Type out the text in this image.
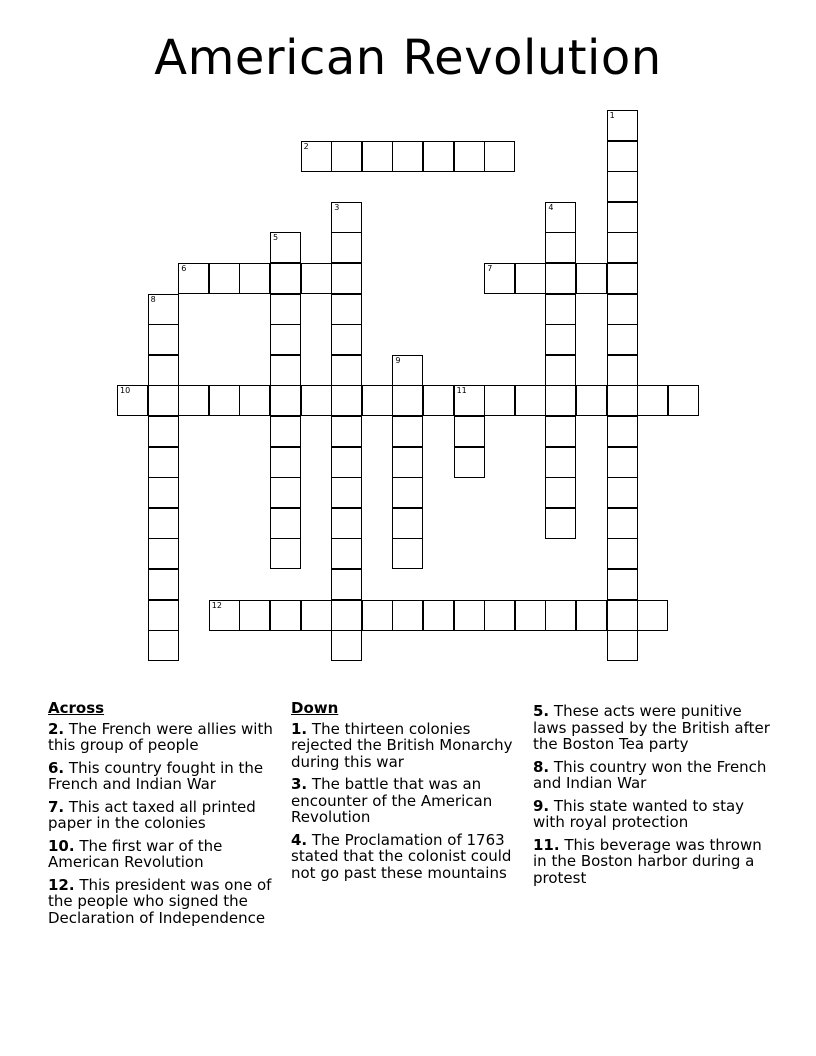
American Revolution
2
6	7
10	11
12
1
3	4
5
8
9
Across
2. The French were allies with this group of people
6. This country fought in the French and Indian War
7. This act taxed all printed paper in the colonies
10. The first war of the American Revolution
12. This president was one of the people who signed the Declaration of Independence
Down
1. The thirteen colonies rejected the British Monarchy during this war
3. The battle that was an encounter of the American Revolution
4. The Proclamation of 1763 stated that the colonist could not go past these mountains
5. These acts were punitive laws passed by the British after the Boston Tea party
8. This country won the French and Indian War
9. This state wanted to stay with royal protection
11. This beverage was thrown in the Boston harbor during a protest
